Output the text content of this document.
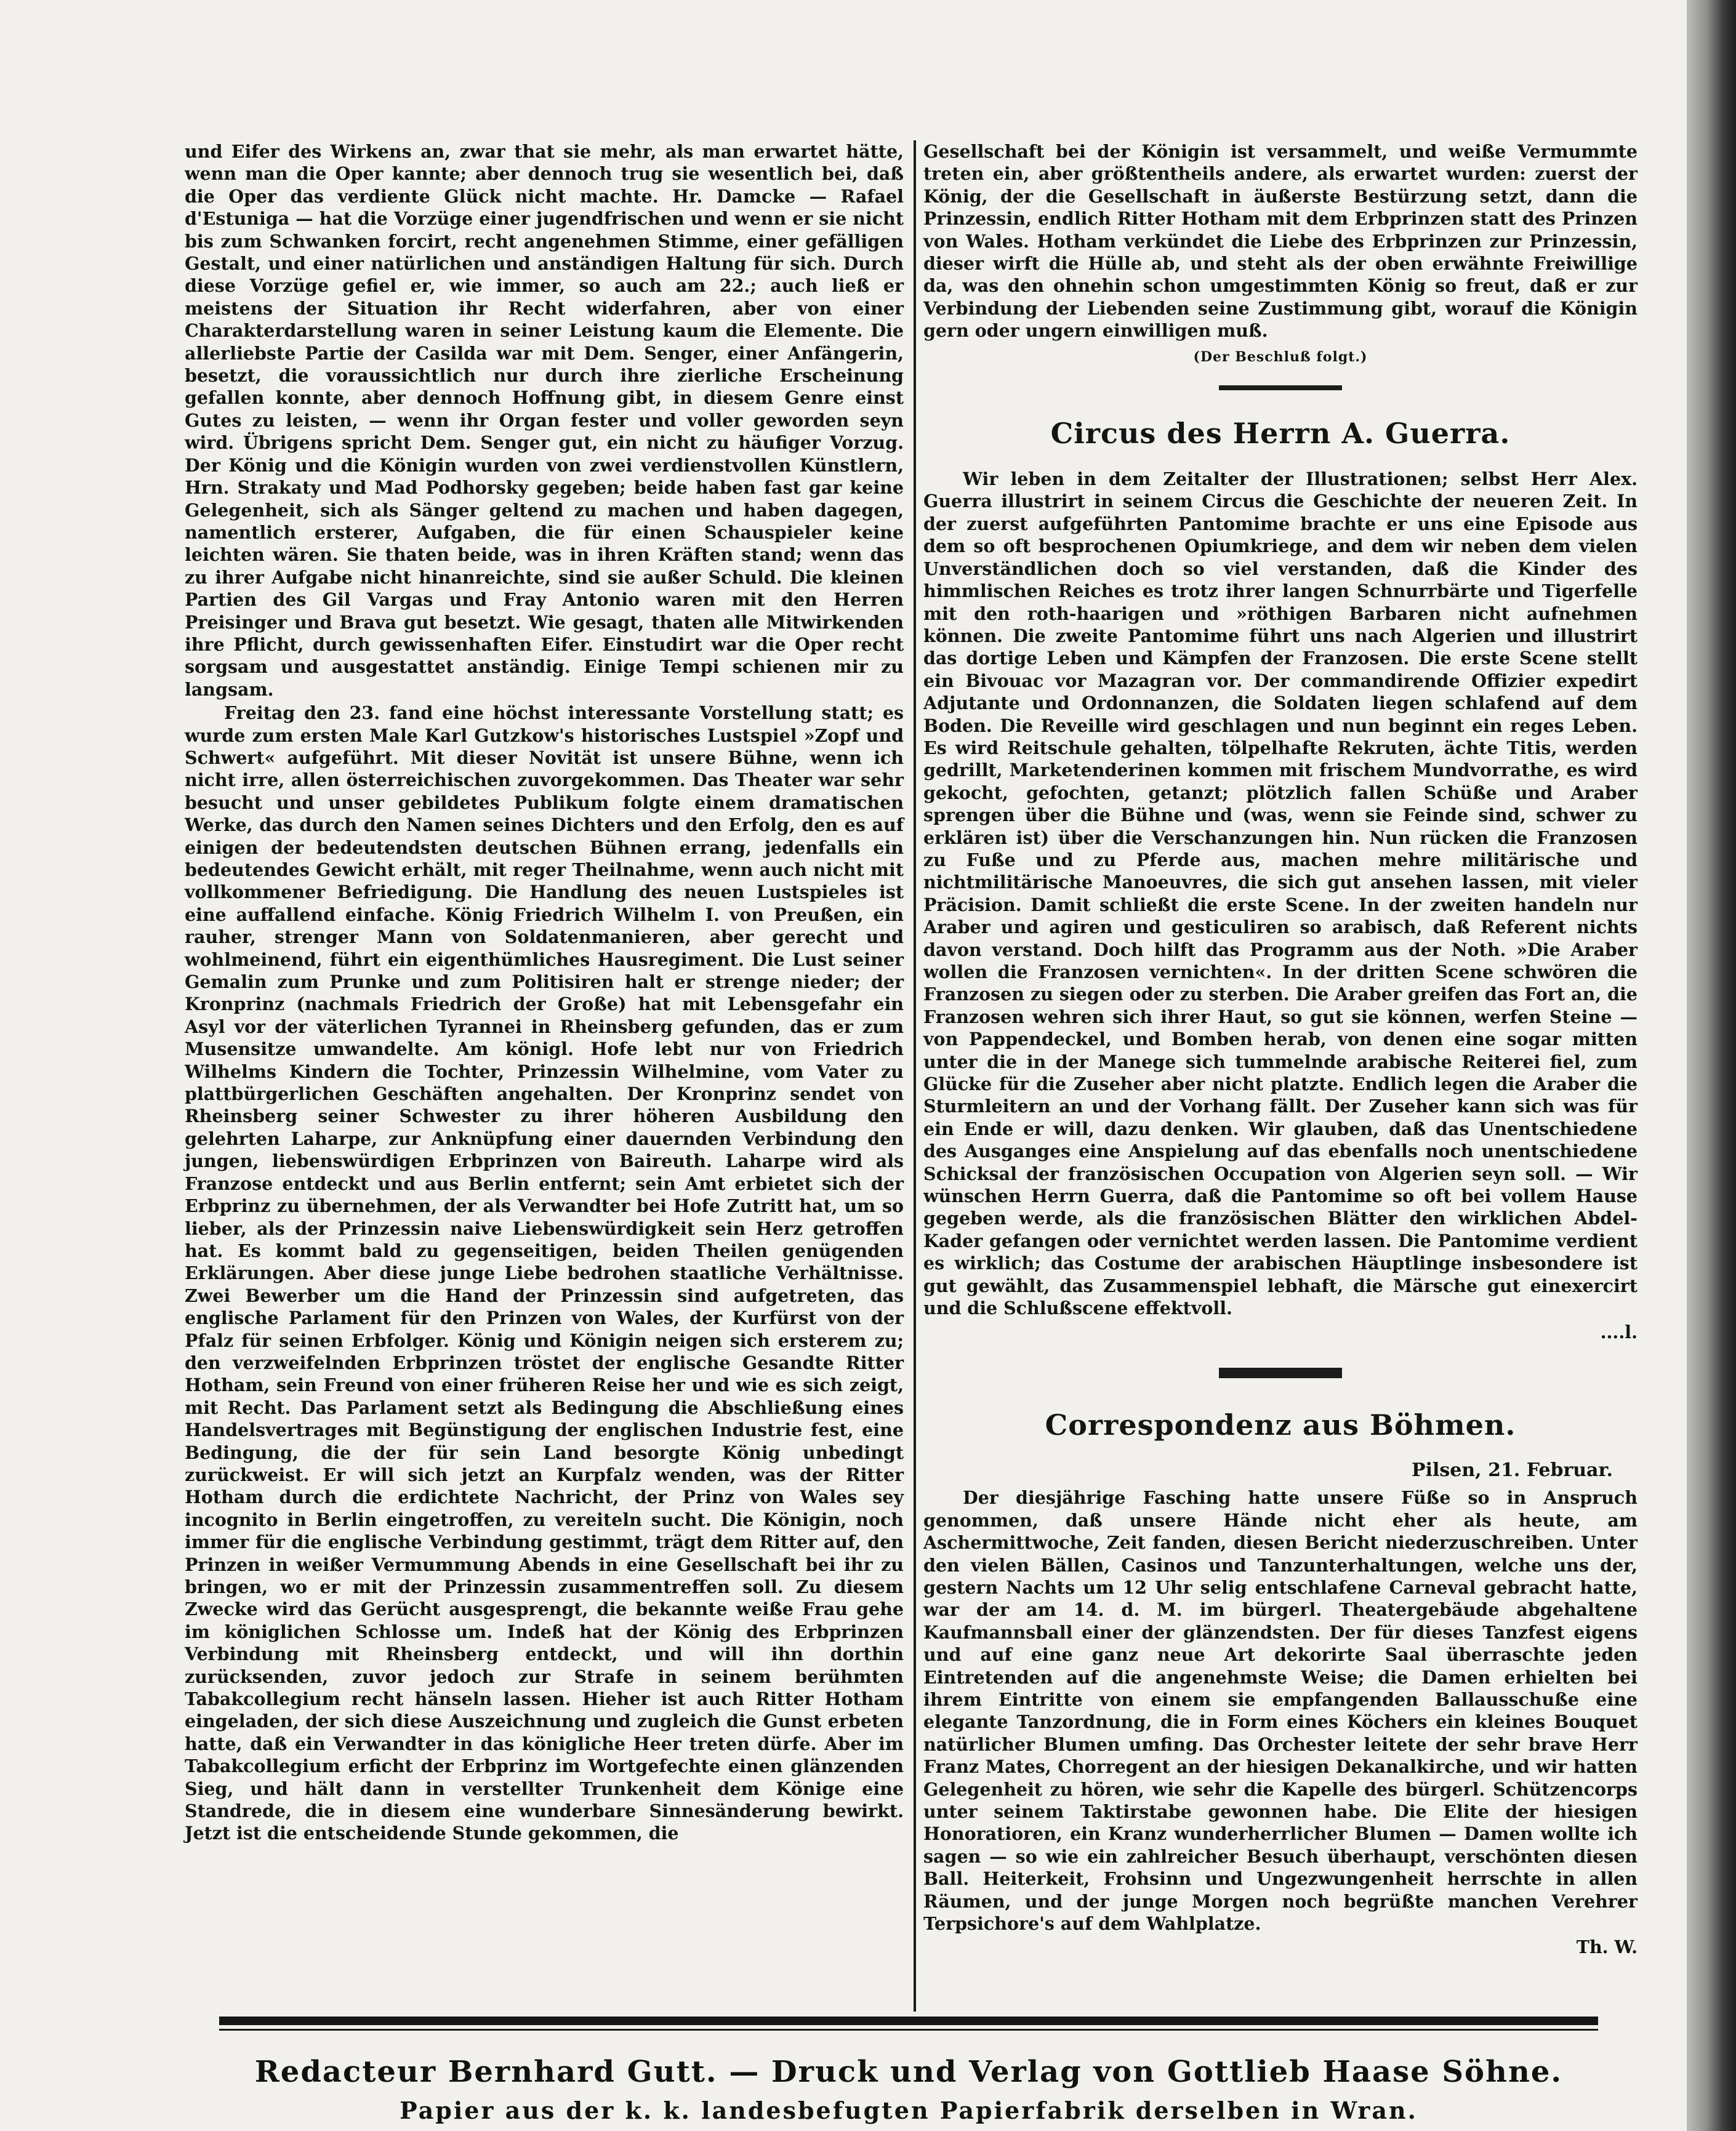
und Eifer des Wirkens an, zwar that sie mehr, als man erwartet hätte, wenn man die Oper kannte; aber dennoch trug sie wesentlich bei, daß die Oper das verdiente Glück nicht machte. Hr. Damcke — Rafael d'Estuniga — hat die Vorzüge einer jugendfrischen und wenn er sie nicht bis zum Schwanken forcirt, recht angenehmen Stimme, einer gefälligen Gestalt, und einer natürlichen und anständigen Haltung für sich. Durch diese Vorzüge gefiel er, wie immer, so auch am 22.; auch ließ er meistens der Situation ihr Recht widerfahren, aber von einer Charakterdarstellung waren in seiner Leistung kaum die Elemente. Die allerliebste Partie der Casilda war mit Dem. Senger, einer Anfängerin, besetzt, die voraussichtlich nur durch ihre zierliche Erscheinung gefallen konnte, aber dennoch Hoffnung gibt, in diesem Genre einst Gutes zu leisten, — wenn ihr Organ fester und voller geworden seyn wird. Übrigens spricht Dem. Senger gut, ein nicht zu häufiger Vorzug. Der König und die Königin wurden von zwei verdienstvollen Künstlern, Hrn. Strakaty und Mad Podhorsky gegeben; beide haben fast gar keine Gelegenheit, sich als Sänger geltend zu machen und haben dagegen, namentlich ersterer, Aufgaben, die für einen Schauspieler keine leichten wären. Sie thaten beide, was in ihren Kräften stand; wenn das zu ihrer Aufgabe nicht hinanreichte, sind sie außer Schuld. Die kleinen Partien des Gil Vargas und Fray Antonio waren mit den Herren Preisinger und Brava gut besetzt. Wie gesagt, thaten alle Mitwirkenden ihre Pflicht, durch gewissenhaften Eifer. Einstudirt war die Oper recht sorgsam und ausgestattet anständig. Einige Tempi schienen mir zu langsam.

Freitag den 23. fand eine höchst interessante Vorstellung statt; es wurde zum ersten Male Karl Gutzkow's historisches Lustspiel »Zopf und Schwert« aufgeführt. Mit dieser Novität ist unsere Bühne, wenn ich nicht irre, allen österreichischen zuvorgekommen. Das Theater war sehr besucht und unser gebildetes Publikum folgte einem dramatischen Werke, das durch den Namen seines Dichters und den Erfolg, den es auf einigen der bedeutendsten deutschen Bühnen errang, jedenfalls ein bedeutendes Gewicht erhält, mit reger Theilnahme, wenn auch nicht mit vollkommener Befriedigung. Die Handlung des neuen Lustspieles ist eine auffallend einfache. König Friedrich Wilhelm I. von Preußen, ein rauher, strenger Mann von Soldatenmanieren, aber gerecht und wohlmeinend, führt ein eigenthümliches Hausregiment. Die Lust seiner Gemalin zum Prunke und zum Politisiren halt er strenge nieder; der Kronprinz (nachmals Friedrich der Große) hat mit Lebensgefahr ein Asyl vor der väterlichen Tyrannei in Rheinsberg gefunden, das er zum Musensitze umwandelte. Am königl. Hofe lebt nur von Friedrich Wilhelms Kindern die Tochter, Prinzessin Wilhelmine, vom Vater zu plattbürgerlichen Geschäften angehalten. Der Kronprinz sendet von Rheinsberg seiner Schwester zu ihrer höheren Ausbildung den gelehrten Laharpe, zur Anknüpfung einer dauernden Verbindung den jungen, liebenswürdigen Erbprinzen von Baireuth. Laharpe wird als Franzose entdeckt und aus Berlin entfernt; sein Amt erbietet sich der Erbprinz zu übernehmen, der als Verwandter bei Hofe Zutritt hat, um so lieber, als der Prinzessin naive Liebenswürdigkeit sein Herz getroffen hat. Es kommt bald zu gegenseitigen, beiden Theilen genügenden Erklärungen. Aber diese junge Liebe bedrohen staatliche Verhältnisse. Zwei Bewerber um die Hand der Prinzessin sind aufgetreten, das englische Parlament für den Prinzen von Wales, der Kurfürst von der Pfalz für seinen Erbfolger. König und Königin neigen sich ersterem zu; den verzweifelnden Erbprinzen tröstet der englische Gesandte Ritter Hotham, sein Freund von einer früheren Reise her und wie es sich zeigt, mit Recht. Das Parlament setzt als Bedingung die Abschließung eines Handelsvertrages mit Begünstigung der englischen Industrie fest, eine Bedingung, die der für sein Land besorgte König unbedingt zurückweist. Er will sich jetzt an Kurpfalz wenden, was der Ritter Hotham durch die erdichtete Nachricht, der Prinz von Wales sey incognito in Berlin eingetroffen, zu vereiteln sucht. Die Königin, noch immer für die englische Verbindung gestimmt, trägt dem Ritter auf, den Prinzen in weißer Vermummung Abends in eine Gesellschaft bei ihr zu bringen, wo er mit der Prinzessin zusammentreffen soll. Zu diesem Zwecke wird das Gerücht ausgesprengt, die bekannte weiße Frau gehe im königlichen Schlosse um. Indeß hat der König des Erbprinzen Verbindung mit Rheinsberg entdeckt, und will ihn dorthin zurücksenden, zuvor jedoch zur Strafe in seinem berühmten Tabakcollegium recht hänseln lassen. Hieher ist auch Ritter Hotham eingeladen, der sich diese Auszeichnung und zugleich die Gunst erbeten hatte, daß ein Verwandter in das königliche Heer treten dürfe. Aber im Tabakcollegium erficht der Erbprinz im Wortgefechte einen glänzenden Sieg, und hält dann in verstellter Trunkenheit dem Könige eine Standrede, die in diesem eine wunderbare Sinnesänderung bewirkt. Jetzt ist die entscheidende Stunde gekommen, die

Gesellschaft bei der Königin ist versammelt, und weiße Vermummte treten ein, aber größtentheils andere, als erwartet wurden: zuerst der König, der die Gesellschaft in äußerste Bestürzung setzt, dann die Prinzessin, endlich Ritter Hotham mit dem Erbprinzen statt des Prinzen von Wales. Hotham verkündet die Liebe des Erbprinzen zur Prinzessin, dieser wirft die Hülle ab, und steht als der oben erwähnte Freiwillige da, was den ohnehin schon umgestimmten König so freut, daß er zur Verbindung der Liebenden seine Zustimmung gibt, worauf die Königin gern oder ungern einwilligen muß.

(Der Beschluß folgt.)
Circus des Herrn A. Guerra.

Wir leben in dem Zeitalter der Illustrationen; selbst Herr Alex. Guerra illustrirt in seinem Circus die Geschichte der neueren Zeit. In der zuerst aufgeführten Pantomime brachte er uns eine Episode aus dem so oft besprochenen Opiumkriege, and dem wir neben dem vielen Unverständlichen doch so viel verstanden, daß die Kinder des himmlischen Reiches es trotz ihrer langen Schnurrbärte und Tigerfelle mit den roth-haarigen und »röthigen Barbaren nicht aufnehmen können. Die zweite Pantomime führt uns nach Algerien und illustrirt das dortige Leben und Kämpfen der Franzosen. Die erste Scene stellt ein Bivouac vor Mazagran vor. Der commandirende Offizier expedirt Adjutante und Ordonnanzen, die Soldaten liegen schlafend auf dem Boden. Die Reveille wird geschlagen und nun beginnt ein reges Leben. Es wird Reitschule gehalten, tölpelhafte Rekruten, ächte Titis, werden gedrillt, Marketenderinen kommen mit frischem Mundvorrathe, es wird gekocht, gefochten, getanzt; plötzlich fallen Schüße und Araber sprengen über die Bühne und (was, wenn sie Feinde sind, schwer zu erklären ist) über die Verschanzungen hin. Nun rücken die Franzosen zu Fuße und zu Pferde aus, machen mehre militärische und nichtmilitärische Manoeuvres, die sich gut ansehen lassen, mit vieler Präcision. Damit schließt die erste Scene. In der zweiten handeln nur Araber und agiren und gesticuliren so arabisch, daß Referent nichts davon verstand. Doch hilft das Programm aus der Noth. »Die Araber wollen die Franzosen vernichten«. In der dritten Scene schwören die Franzosen zu siegen oder zu sterben. Die Araber greifen das Fort an, die Franzosen wehren sich ihrer Haut, so gut sie können, werfen Steine — von Pappendeckel, und Bomben herab, von denen eine sogar mitten unter die in der Manege sich tummelnde arabische Reiterei fiel, zum Glücke für die Zuseher aber nicht platzte. Endlich legen die Araber die Sturmleitern an und der Vorhang fällt. Der Zuseher kann sich was für ein Ende er will, dazu denken. Wir glauben, daß das Unentschiedene des Ausganges eine Anspielung auf das ebenfalls noch unentschiedene Schicksal der französischen Occupation von Algerien seyn soll. — Wir wünschen Herrn Guerra, daß die Pantomime so oft bei vollem Hause gegeben werde, als die französischen Blätter den wirklichen Abdel-Kader gefangen oder vernichtet werden lassen. Die Pantomime verdient es wirklich; das Costume der arabischen Häuptlinge insbesondere ist gut gewählt, das Zusammenspiel lebhaft, die Märsche gut einexercirt und die Schlußscene effektvoll.

....l.
Correspondenz aus Böhmen.
Pilsen, 21. Februar.

Der diesjährige Fasching hatte unsere Füße so in Anspruch genommen, daß unsere Hände nicht eher als heute, am Aschermittwoche, Zeit fanden, diesen Bericht niederzuschreiben. Unter den vielen Bällen, Casinos und Tanzunterhaltungen, welche uns der, gestern Nachts um 12 Uhr selig entschlafene Carneval gebracht hatte, war der am 14. d. M. im bürgerl. Theatergebäude abgehaltene Kaufmannsball einer der glänzendsten. Der für dieses Tanzfest eigens und auf eine ganz neue Art dekorirte Saal überraschte jeden Eintretenden auf die angenehmste Weise; die Damen erhielten bei ihrem Eintritte von einem sie empfangenden Ballausschuße eine elegante Tanzordnung, die in Form eines Köchers ein kleines Bouquet natürlicher Blumen umfing. Das Orchester leitete der sehr brave Herr Franz Mates, Chorregent an der hiesigen Dekanalkirche, und wir hatten Gelegenheit zu hören, wie sehr die Kapelle des bürgerl. Schützencorps unter seinem Taktirstabe gewonnen habe. Die Elite der hiesigen Honoratioren, ein Kranz wunderherrlicher Blumen — Damen wollte ich sagen — so wie ein zahlreicher Besuch überhaupt, verschönten diesen Ball. Heiterkeit, Frohsinn und Ungezwungenheit herrschte in allen Räumen, und der junge Morgen noch begrüßte manchen Verehrer Terpsichore's auf dem Wahlplatze.

Th. W.
Redacteur Bernhard Gutt. — Druck und Verlag von Gottlieb Haase Söhne.
Papier aus der k. k. landesbefugten Papierfabrik derselben in Wran.
